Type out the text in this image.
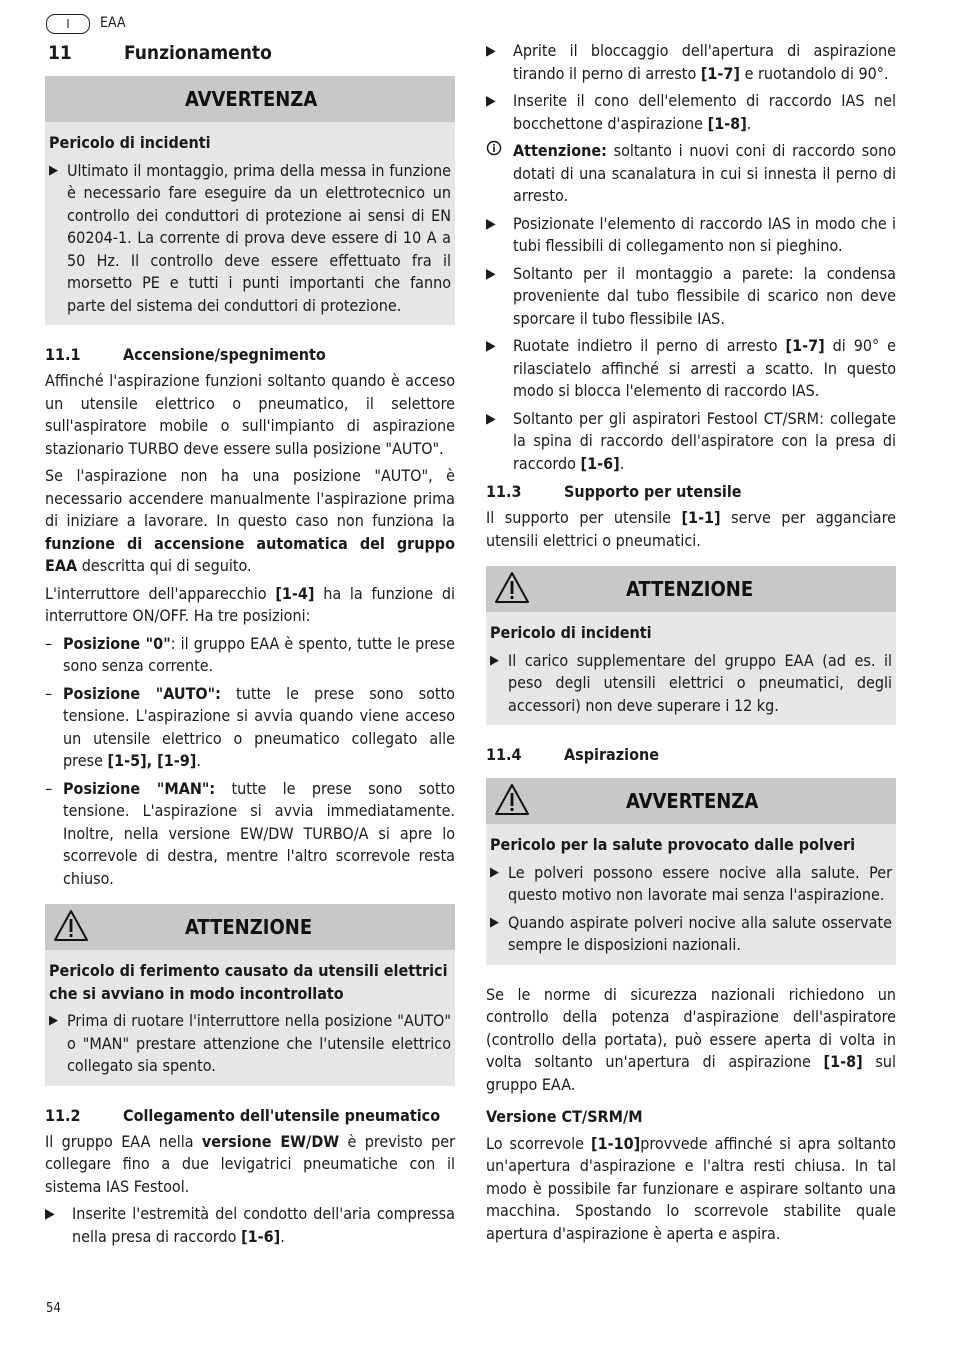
I	EAA
11	Funzionamento
AVVERTENZA
Pericolo di incidenti
▶ Ultimato il montaggio, prima della messa in funzione è necessario fare eseguire da un elettrotecnico un controllo dei conduttori di protezione ai sensi di EN 60204-1. La corrente di prova deve essere di 10 A a 50 Hz. Il controllo deve essere effettuato fra il morsetto PE e tutti i punti importanti che fanno parte del sistema dei conduttori di protezione.
11.1	Accensione/spegnimento

Affinché l'aspirazione funzioni soltanto quando è acceso un utensile elettrico o pneumatico, il selettore sull'aspiratore mobile o sull'impianto di aspirazione stazionario TURBO deve essere sulla posizione "AUTO".

Se l'aspirazione non ha una posizione "AUTO", è necessario accendere manualmente l'aspirazione prima di iniziare a lavorare. In questo caso non funziona la funzione di accensione automatica del gruppo EAA descritta qui di seguito.

L'interruttore dell'apparecchio [1-4] ha la funzione di interruttore ON/OFF. Ha tre posizioni:

– Posizione "0": il gruppo EAA è spento, tutte le prese sono senza corrente.
– Posizione "AUTO": tutte le prese sono sotto tensione. L'aspirazione si avvia quando viene acceso un utensile elettrico o pneumatico collegato alle prese [1-5], [1-9].
– Posizione "MAN": tutte le prese sono sotto tensione. L'aspirazione si avvia immediatamente. Inoltre, nella versione EW/DW TURBO/A si apre lo scorrevole di destra, mentre l'altro scorrevole resta chiuso.
ATTENZIONE
Pericolo di ferimento causato da utensili elettrici che si avviano in modo incontrollato
▶ Prima di ruotare l'interruttore nella posizione "AUTO" o "MAN" prestare attenzione che l'utensile elettrico collegato sia spento.
11.2	Collegamento dell'utensile pneumatico

Il gruppo EAA nella versione EW/DW è previsto per collegare fino a due levigatrici pneumatiche con il sistema IAS Festool.

▶	Inserite l'estremità del condotto dell'aria compressa nella presa di raccordo [1-6].
▶	Aprite il bloccaggio dell'apertura di aspirazione tirando il perno di arresto [1-7] e ruotandolo di 90°.
▶	Inserite il cono dell'elemento di raccordo IAS nel bocchettone d'aspirazione [1-8].
Attenzione: soltanto i nuovi coni di raccordo sono dotati di una scanalatura in cui si innesta il perno di arresto.
▶	Posizionate l'elemento di raccordo IAS in modo che i tubi flessibili di collegamento non si pieghino.
▶	Soltanto per il montaggio a parete: la condensa proveniente dal tubo flessibile di scarico non deve sporcare il tubo flessibile IAS.
▶	Ruotate indietro il perno di arresto [1-7] di 90° e rilasciatelo affinché si arresti a scatto. In questo modo si blocca l'elemento di raccordo IAS.
▶	Soltanto per gli aspiratori Festool CT/SRM: collegate la spina di raccordo dell'aspiratore con la presa di raccordo [1-6].
11.3	Supporto per utensile

Il supporto per utensile [1-1] serve per agganciare utensili elettrici o pneumatici.

ATTENZIONE
Pericolo di incidenti
▶ Il carico supplementare del gruppo EAA (ad es. il peso degli utensili elettrici o pneumatici, degli accessori) non deve superare i 12 kg.
11.4	Aspirazione
AVVERTENZA
Pericolo per la salute provocato dalle polveri
▶ Le polveri possono essere nocive alla salute. Per questo motivo non lavorate mai senza l'aspirazione.
▶ Quando aspirate polveri nocive alla salute osservate sempre le disposizioni nazionali.

Se le norme di sicurezza nazionali richiedono un controllo della potenza d'aspirazione dell'aspiratore (controllo della portata), può essere aperta di volta in volta soltanto un'apertura di aspirazione [1-8] sul gruppo EAA.

Versione CT/SRM/M

Lo scorrevole [1-10]provvede affinché si apra soltanto un'apertura d'aspirazione e l'altra resti chiusa. In tal modo è possibile far funzionare e aspirare soltanto una macchina. Spostando lo scorrevole stabilite quale apertura d'aspirazione è aperta e aspira.

54
